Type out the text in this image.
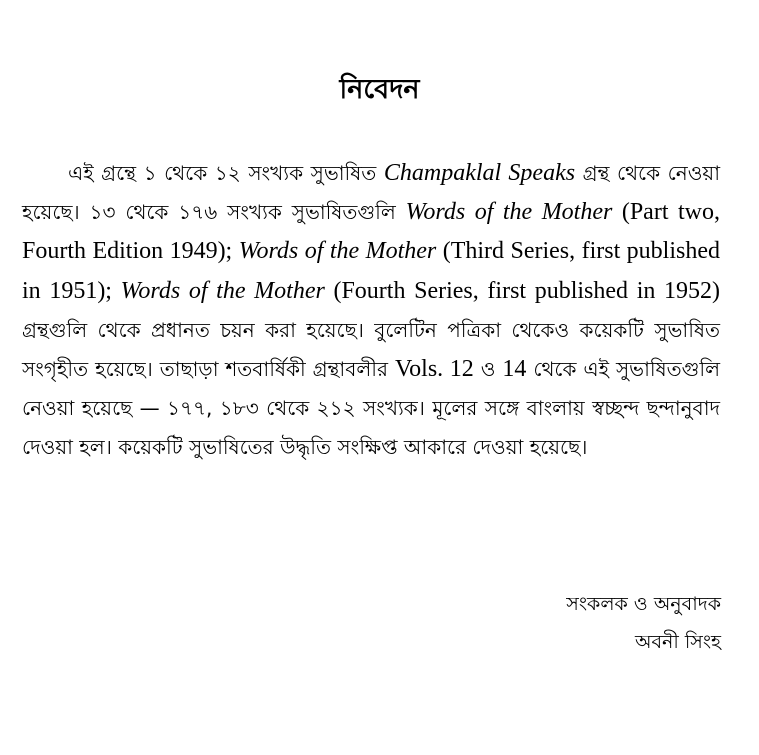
নিবেদন

এই গ্রন্থে ১ থেকে ১২ সংখ্যক সুভাষিত Champaklal Speaks গ্রন্থ থেকে নেওয়া হয়েছে। ১৩ থেকে ১৭৬ সংখ্যক সুভাষিতগুলি Words of the Mother (Part two, Fourth Edition 1949); Words of the Mother (Third Series, first published in 1951); Words of the Mother (Fourth Series, first published in 1952) গ্রন্থগুলি থেকে প্রধানত চয়ন করা হয়েছে। বুলেটিন পত্রিকা থেকেও কয়েকটি সুভাষিত সংগৃহীত হয়েছে। তাছাড়া শতবার্ষিকী গ্রন্থাবলীর Vols. 12 ও 14 থেকে এই সুভাষিতগুলি নেওয়া হয়েছে — ১৭৭, ১৮৩ থেকে ২১২ সংখ্যক। মূলের সঙ্গে বাংলায় স্বচ্ছন্দ ছন্দানুবাদ দেওয়া হল। কয়েকটি সুভাষিতের উদ্ধৃতি সংক্ষিপ্ত আকারে দেওয়া হয়েছে।

সংকলক ও অনুবাদক
অবনী সিংহ
